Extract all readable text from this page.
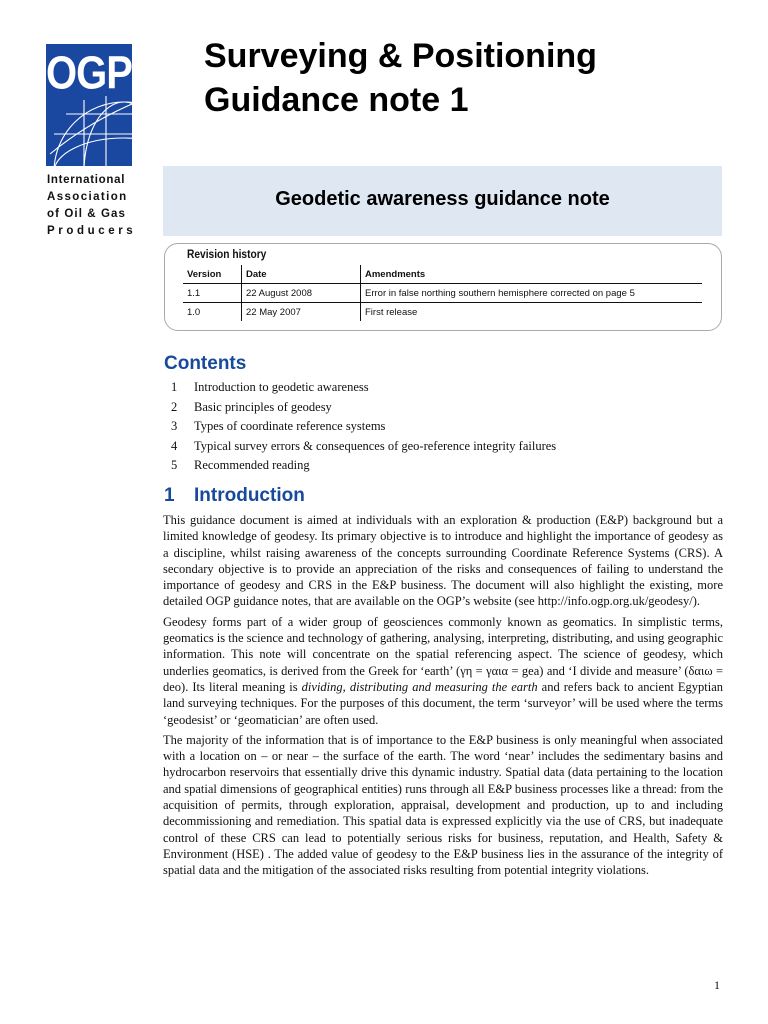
OGP
International
Association
of Oil & Gas
Producers
Surveying & Positioning
Guidance note 1
Geodetic awareness guidance note
Revision history
Version	Date	Amendments
1.1	22 August 2008	Error in false northing southern hemisphere corrected on page 5
1.0	22 May 2007	First release
Contents
1 Introduction to geodetic awareness
2 Basic principles of geodesy
3 Types of coordinate reference systems
4 Typical survey errors & consequences of geo-reference integrity failures
5 Recommended reading
1 Introduction

This guidance document is aimed at individuals with an exploration & production (E&P) background but a limited knowledge of geodesy. Its primary objective is to introduce and highlight the importance of geodesy as a discipline, whilst raising awareness of the concepts surrounding Coordinate Reference Systems (CRS). A secondary objective is to provide an appreciation of the risks and consequences of failing to understand the importance of geodesy and CRS in the E&P business. The document will also highlight the existing, more detailed OGP guidance notes, that are available on the OGP’s website (see http://info.ogp.org.uk/geodesy/).

Geodesy forms part of a wider group of geosciences commonly known as geomatics. In simplistic terms, geomatics is the science and technology of gathering, analysing, interpreting, distributing, and using geographic information. This note will concentrate on the spatial referencing aspect. The science of geodesy, which underlies geomatics, is derived from the Greek for ‘earth’ (γη = γαια = gea) and ‘I divide and measure’ (δαιω = deo). Its literal meaning is dividing, distributing and measuring the earth and refers back to ancient Egyptian land surveying techniques. For the purposes of this document, the term ‘surveyor’ will be used where the terms ‘geodesist’ or ‘geomatician’ are often used.

The majority of the information that is of importance to the E&P business is only meaningful when associated with a location on – or near – the surface of the earth. The word ‘near’ includes the sedimentary basins and hydrocarbon reservoirs that essentially drive this dynamic industry. Spatial data (data pertaining to the location and spatial dimensions of geographical entities) runs through all E&P business processes like a thread: from the acquisition of permits, through exploration, appraisal, development and production, up to and including decommissioning and remediation. This spatial data is expressed explicitly via the use of CRS, but inadequate control of these CRS can lead to potentially serious risks for business, reputation, and Health, Safety & Environment (HSE) . The added value of geodesy to the E&P business lies in the assurance of the integrity of spatial data and the mitigation of the associated risks resulting from potential integrity violations.

1
